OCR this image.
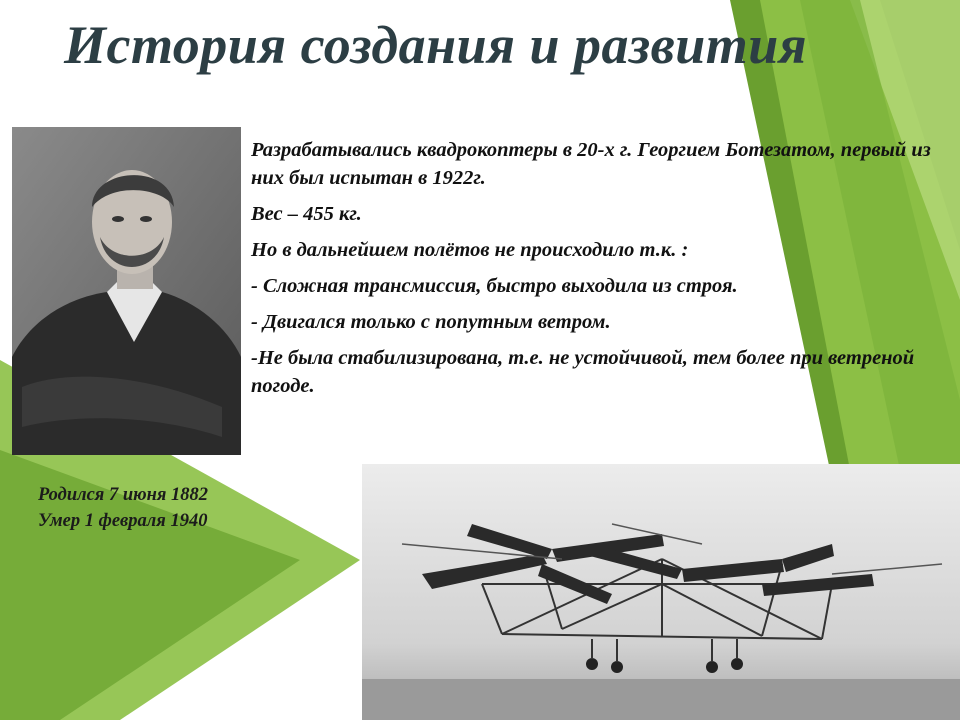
История создания и развития

Разрабатывались квадрокоптеры в 20-х г. Георгием Ботезатом, первый из них был испытан в 1922г.

Вес – 455 кг.

Но в дальнейшем полётов не происходило т.к. :

- Сложная трансмиссия, быстро выходила из строя.

- Двигался только с попутным ветром.

-Не была стабилизирована, т.е. не устойчивой, тем более при ветреной погоде.

Родился 7 июня 1882
Умер 1 февраля 1940
